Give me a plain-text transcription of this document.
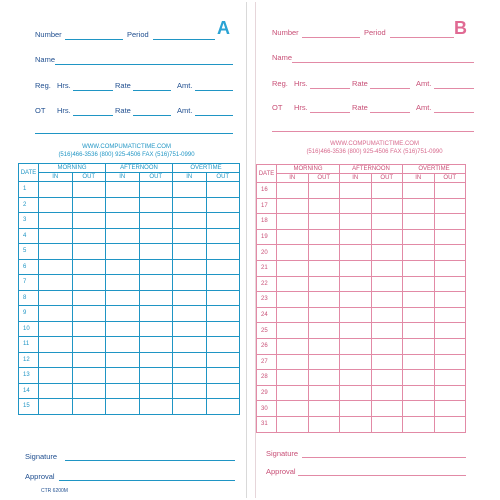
A
Number	Period
Name
Reg. Hrs.	Rate	Amt.
OT Hrs.	Rate	Amt.
WWW.COMPUMATICTIME.COM
(516)466-3536 (800) 925-4506 FAX (516)751-0990
DATE	MORNING		AFTERNOON		OVERTIME	
	IN	OUT	IN	OUT	IN	OUT
1						
2						
3						
4						
5						
6						
7						
8						
9						
10						
11						
12						
13						
14						
15						
Signature
Approval
CTR 6200M
B
Number	Period
Name
Reg. Hrs.	Rate	Amt.
OT Hrs.	Rate	Amt.
WWW.COMPUMATICTIME.COM
(516)466-3536 (800) 925-4506 FAX (516)751-0990
DATE	MORNING		AFTERNOON		OVERTIME	
	IN	OUT	IN	OUT	IN	OUT
16						
17						
18						
19						
20						
21						
22						
23						
24						
25						
26						
27						
28						
29						
30						
31						
Signature
Approval
